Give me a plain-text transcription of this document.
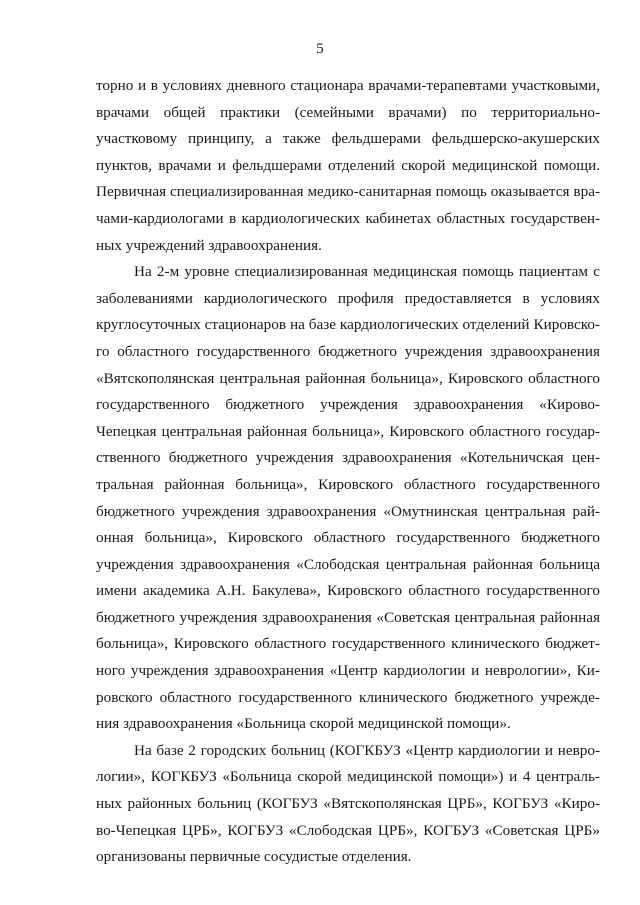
5
торно и в условиях дневного стационара врачами-терапевтами участковыми,
врачами общей практики (семейными врачами) по территориально-
участковому принципу, а также фельдшерами фельдшерско-акушерских
пунктов, врачами и фельдшерами отделений скорой медицинской помощи.
Первичная специализированная медико-санитарная помощь оказывается вра-
чами-кардиологами в кардиологических кабинетах областных государствен-
ных учреждений здравоохранения.
На 2-м уровне специализированная медицинская помощь пациентам с
заболеваниями кардиологического профиля предоставляется в условиях
круглосуточных стационаров на базе кардиологических отделений Кировско-
го областного государственного бюджетного учреждения здравоохранения
«Вятскополянская центральная районная больница», Кировского областного
государственного бюджетного учреждения здравоохранения «Кирово-
Чепецкая центральная районная больница», Кировского областного государ-
ственного бюджетного учреждения здравоохранения «Котельничская цен-
тральная районная больница», Кировского областного государственного
бюджетного учреждения здравоохранения «Омутнинская центральная рай-
онная больница», Кировского областного государственного бюджетного
учреждения здравоохранения «Слободская центральная районная больница
имени академика А.Н. Бакулева», Кировского областного государственного
бюджетного учреждения здравоохранения «Советская центральная районная
больница», Кировского областного государственного клинического бюджет-
ного учреждения здравоохранения «Центр кардиологии и неврологии», Ки-
ровского областного государственного клинического бюджетного учрежде-
ния здравоохранения «Больница скорой медицинской помощи».
На базе 2 городских больниц (КОГКБУЗ «Центр кардиологии и невро-
логии», КОГКБУЗ «Больница скорой медицинской помощи») и 4 централь-
ных районных больниц (КОГБУЗ «Вятскополянская ЦРБ», КОГБУЗ «Киро-
во-Чепецкая ЦРБ», КОГБУЗ «Слободская ЦРБ», КОГБУЗ «Советская ЦРБ»
организованы первичные сосудистые отделения.
